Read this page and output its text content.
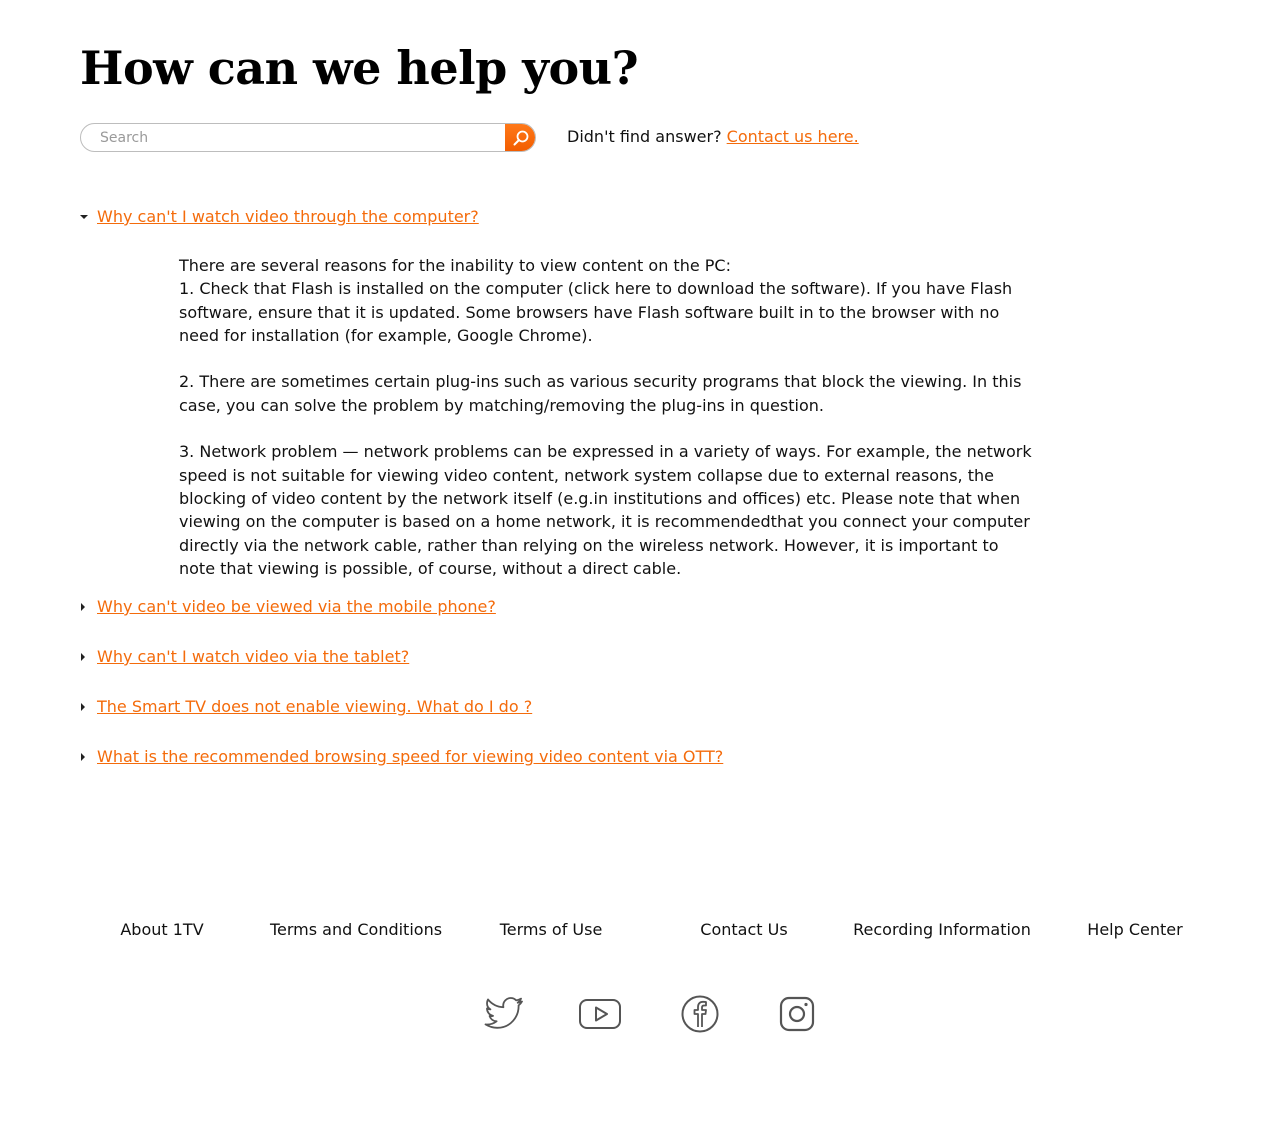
How can we help you?
Search
Didn't find answer? Contact us here.
Why can't I watch video through the computer?

There are several reasons for the inability to view content on the PC:

1. Check that Flash is installed on the computer (click here to download the software). If you have Flash software, ensure that it is updated. Some browsers have Flash software built in to the browser with no need for installation (for example, Google Chrome).

2. There are sometimes certain plug-ins such as various security programs that block the viewing. In this case, you can solve the problem by matching/removing the plug-ins in question.

3. Network problem — network problems can be expressed in a variety of ways. For example, the network speed is not suitable for viewing video content, network system collapse due to external reasons, the blocking of video content by the network itself (e.g.in institutions and offices) etc. Please note that when viewing on the computer is based on a home network, it is recommendedthat you connect your computer directly via the network cable, rather than relying on the wireless network. However, it is important to note that viewing is possible, of course, without a direct cable.

Why can't video be viewed via the mobile phone?
Why can't I watch video via the tablet?
The Smart TV does not enable viewing. What do I do ?
What is the recommended browsing speed for viewing video content via OTT?
About 1TV	Terms and Conditions	Terms of Use	Contact Us	Recording Information	Help Center
